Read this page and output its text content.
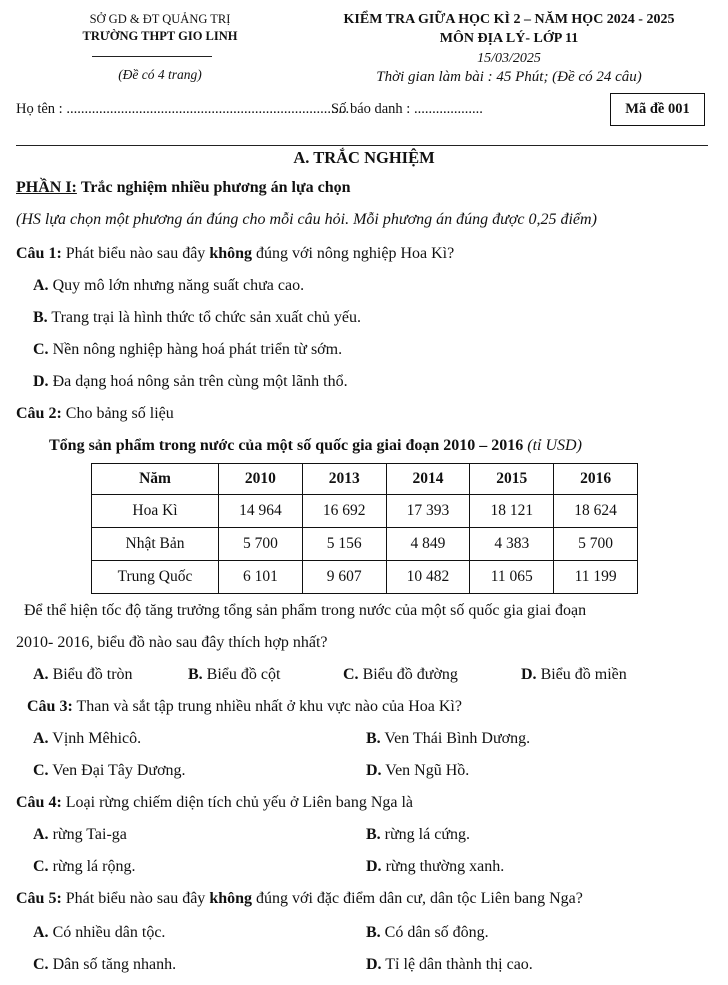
SỞ GD & ĐT QUẢNG TRỊ
TRƯỜNG THPT GIO LINH
(Đề có 4 trang)
KIỂM TRA GIỮA HỌC KÌ 2 – NĂM HỌC 2024 - 2025
MÔN ĐỊA LÝ- LỚP 11
15/03/2025
Thời gian làm bài : 45 Phút; (Đề có 24 câu)
Họ tên : ..............................................................................
Số báo danh : ...................	Mã đề 001
A. TRẮC NGHIỆM
PHẦN I: Trắc nghiệm nhiều phương án lựa chọn
(HS lựa chọn một phương án đúng cho mỗi câu hỏi. Mỗi phương án đúng được 0,25 điểm)
Câu 1: Phát biểu nào sau đây không đúng với nông nghiệp Hoa Kì?
A. Quy mô lớn nhưng năng suất chưa cao.
B. Trang trại là hình thức tổ chức sản xuất chủ yếu.
C. Nền nông nghiệp hàng hoá phát triển từ sớm.
D. Đa dạng hoá nông sản trên cùng một lãnh thổ.
Câu 2: Cho bảng số liệu
Tổng sản phẩm trong nước của một số quốc gia giai đoạn 2010 – 2016 (tỉ USD)
Năm	2010	2013	2014	2015	2016
Hoa Kì	14 964	16 692	17 393	18 121	18 624
Nhật Bản	5 700	5 156	4 849	4 383	5 700
Trung Quốc	6 101	9 607	10 482	11 065	11 199
Để thể hiện tốc độ tăng trưởng tổng sản phẩm trong nước của một số quốc gia giai đoạn
2010- 2016, biểu đồ nào sau đây thích hợp nhất?
A. Biểu đồ tròn	B. Biểu đồ cột	C. Biểu đồ đường	D. Biểu đồ miền
Câu 3: Than và sắt tập trung nhiều nhất ở khu vực nào của Hoa Kì?
A. Vịnh Mêhicô.	B. Ven Thái Bình Dương.
C. Ven Đại Tây Dương.	D. Ven Ngũ Hồ.
Câu 4: Loại rừng chiếm diện tích chủ yếu ở Liên bang Nga là
A. rừng Tai-ga	B. rừng lá cứng.
C. rừng lá rộng.	D. rừng thường xanh.
Câu 5: Phát biểu nào sau đây không đúng với đặc điểm dân cư, dân tộc Liên bang Nga?
A. Có nhiều dân tộc.	B. Có dân số đông.
C. Dân số tăng nhanh.	D. Tỉ lệ dân thành thị cao.
